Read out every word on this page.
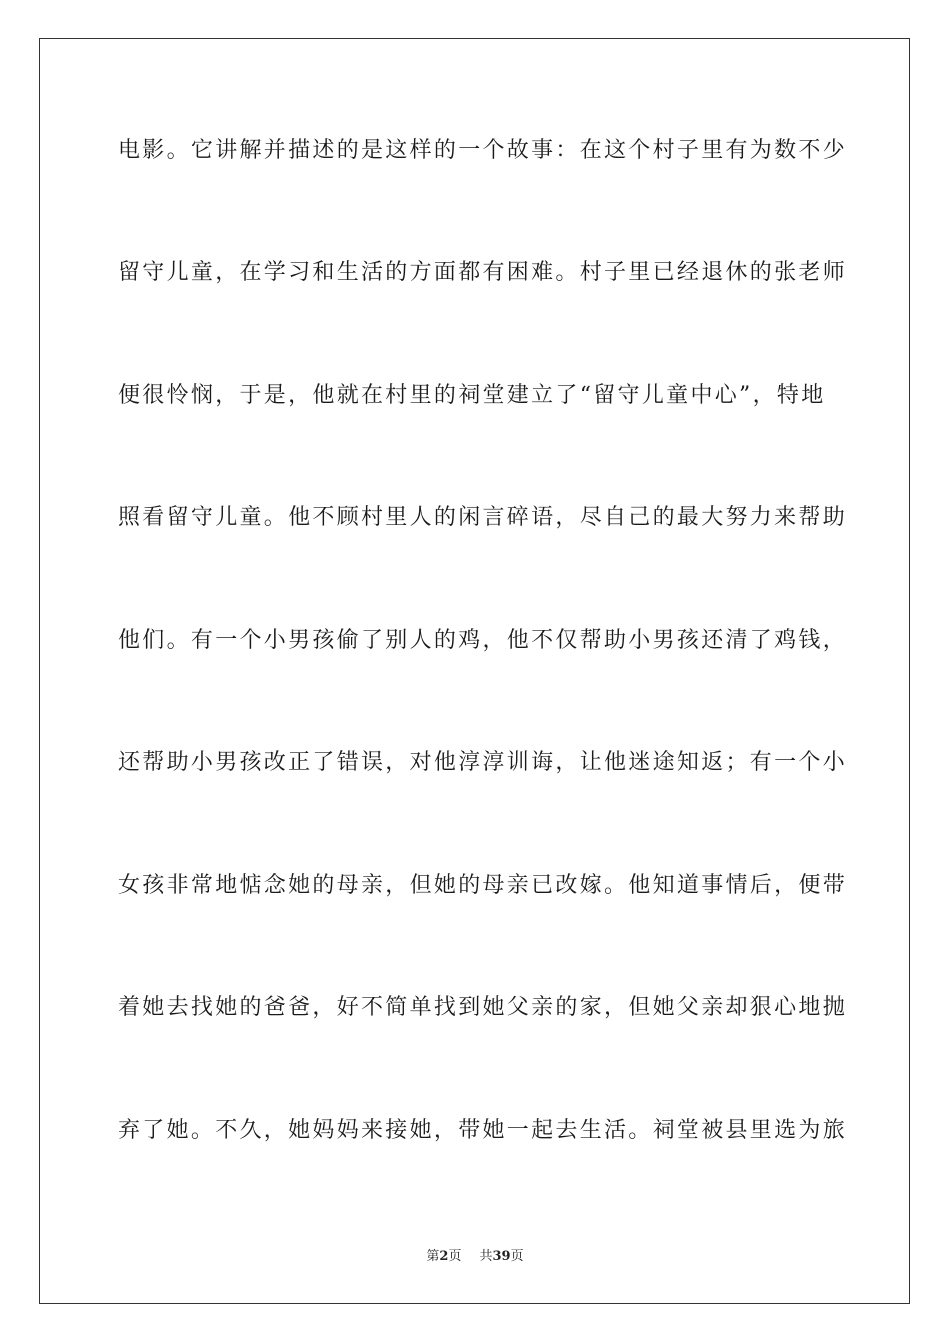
电影。它讲解并描述的是这样的一个故事：在这个村子里有为数不少
留守儿童，在学习和生活的方面都有困难。村子里已经退休的张老师
便很怜悯，于是，他就在村里的祠堂建立了“留守儿童中心”，特地
照看留守儿童。他不顾村里人的闲言碎语，尽自己的最大努力来帮助
他们。有一个小男孩偷了别人的鸡，他不仅帮助小男孩还清了鸡钱，
还帮助小男孩改正了错误，对他淳淳训诲，让他迷途知返；有一个小
女孩非常地惦念她的母亲，但她的母亲已改嫁。他知道事情后，便带
着她去找她的爸爸，好不简单找到她父亲的家，但她父亲却狠心地抛
弃了她。不久，她妈妈来接她，带她一起去生活。祠堂被县里选为旅
第2页 共39页
